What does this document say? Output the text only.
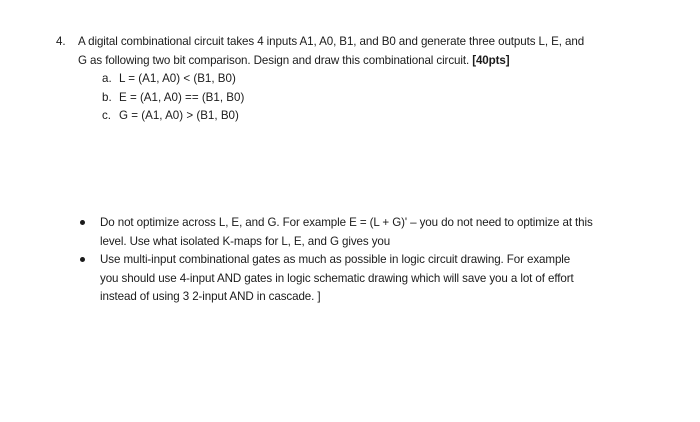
4. A digital combinational circuit takes 4 inputs A1, A0, B1, and B0 and generate three outputs L, E, and
G as following two bit comparison. Design and draw this combinational circuit. [40pts]
a. L = (A1, A0) < (B1, B0)
b. E = (A1, A0) == (B1, B0)
c. G = (A1, A0) > (B1, B0)
Do not optimize across L, E, and G. For example E = (L + G)' – you do not need to optimize at this
level. Use what isolated K-maps for L, E, and G gives you
Use multi-input combinational gates as much as possible in logic circuit drawing. For example
you should use 4-input AND gates in logic schematic drawing which will save you a lot of effort
instead of using 3 2-input AND in cascade. ]
